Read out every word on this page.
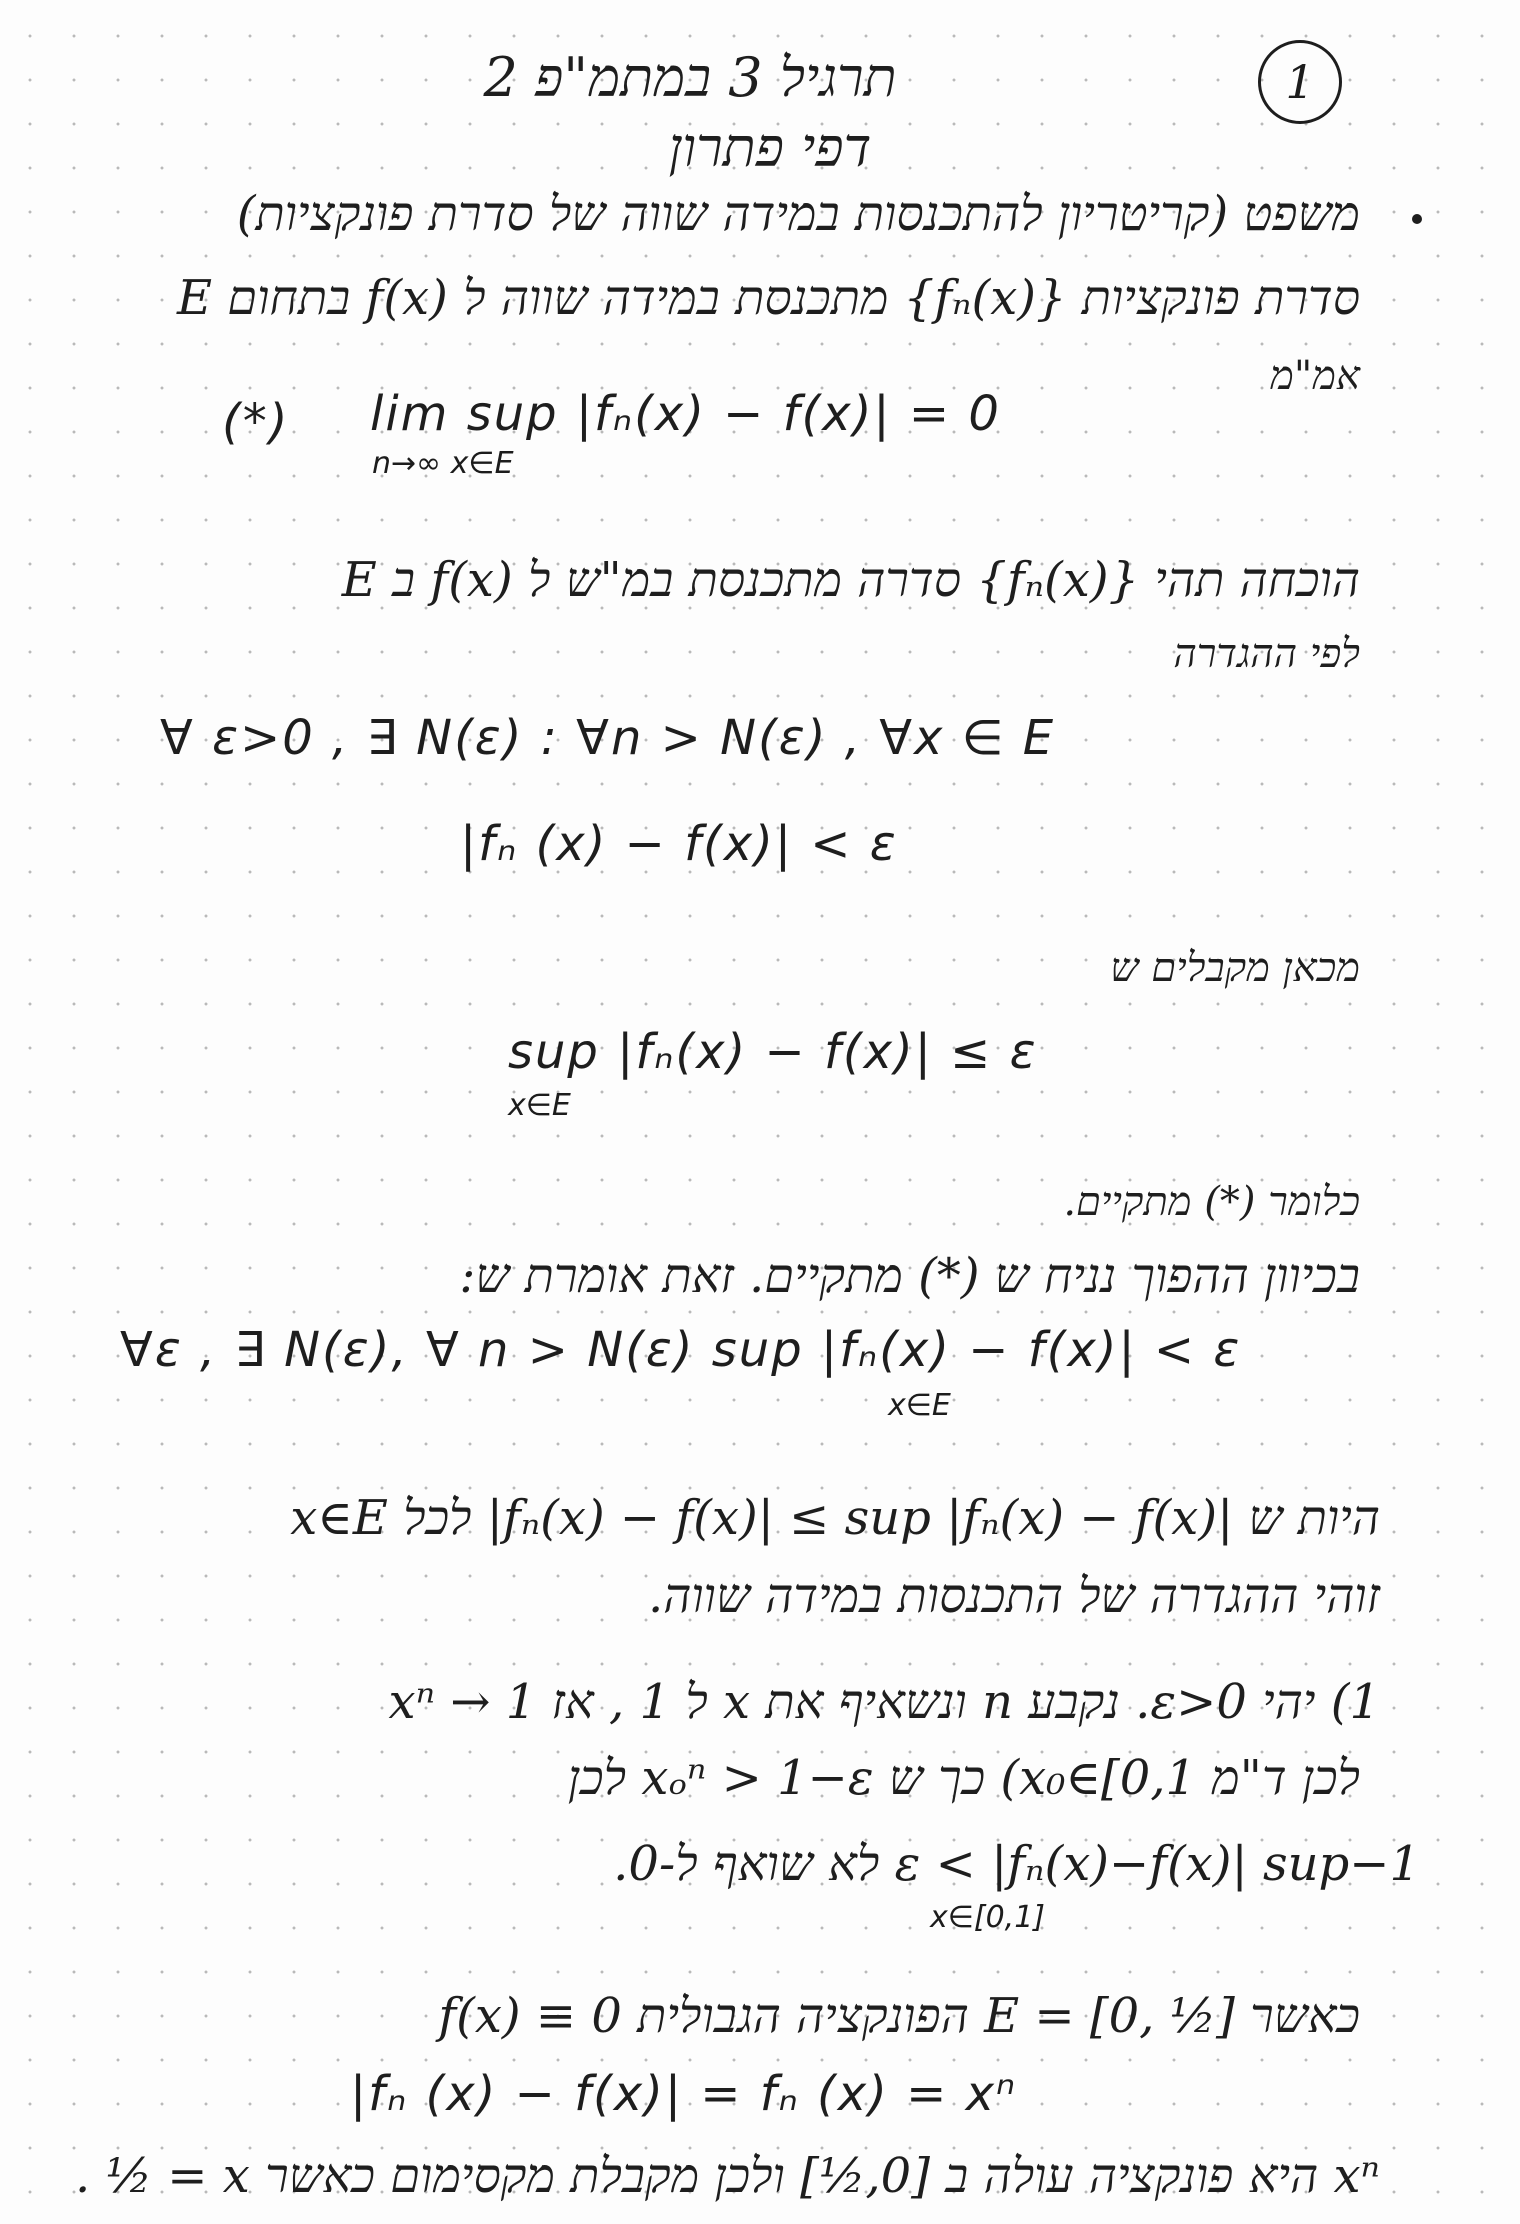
1
תרגיל 3 במתמ"פ 2
דפי פתרון
משפט (קריטריון להתכנסות במידה שווה של סדרת פונקציות)
סדרת פונקציות {fₙ(x)} מתכנסת במידה שווה ל f(x) בתחום E
אמ"מ
(*) lim sup |fₙ(x) − f(x)| = 0
n→∞ x∈E
הוכחה תהי {fₙ(x)} סדרה מתכנסת במ"ש ל f(x) ב E
לפי ההגדרה
∀ ε>0 , ∃ N(ε) : ∀n > N(ε) , ∀x ∈ E
|fₙ (x) − f(x)| < ε
מכאן מקבלים ש
sup |fₙ(x) − f(x)| ≤ ε
x∈E
כלומר (*) מתקיים.
בכיוון ההפוך נניח ש (*) מתקיים. זאת אומרת ש:
∀ε , ∃ N(ε), ∀ n > N(ε) sup |fₙ(x) − f(x)| < ε
x∈E
היות ש |fₙ(x) − f(x)| ≤ sup |fₙ(x) − f(x)| לכל x∈E
זוהי ההגדרה של התכנסות במידה שווה.
1) יהי ε>0. נקבע n ונשאיף את x ל 1 , אז xⁿ → 1
לכן ד"מ x₀∈[0,1) כך ש xₒⁿ > 1−ε לכן
1−ε < |fₙ(x)−f(x)| sup לא שואף ל-0.
x∈[0,1]
כאשר E = [0, ½] הפונקציה הגבולית f(x) ≡ 0
|fₙ (x) − f(x)| = fₙ (x) = xⁿ
xⁿ היא פונקציה עולה ב [0,½] ולכן מקבלת מקסימום כאשר x = ½ .
